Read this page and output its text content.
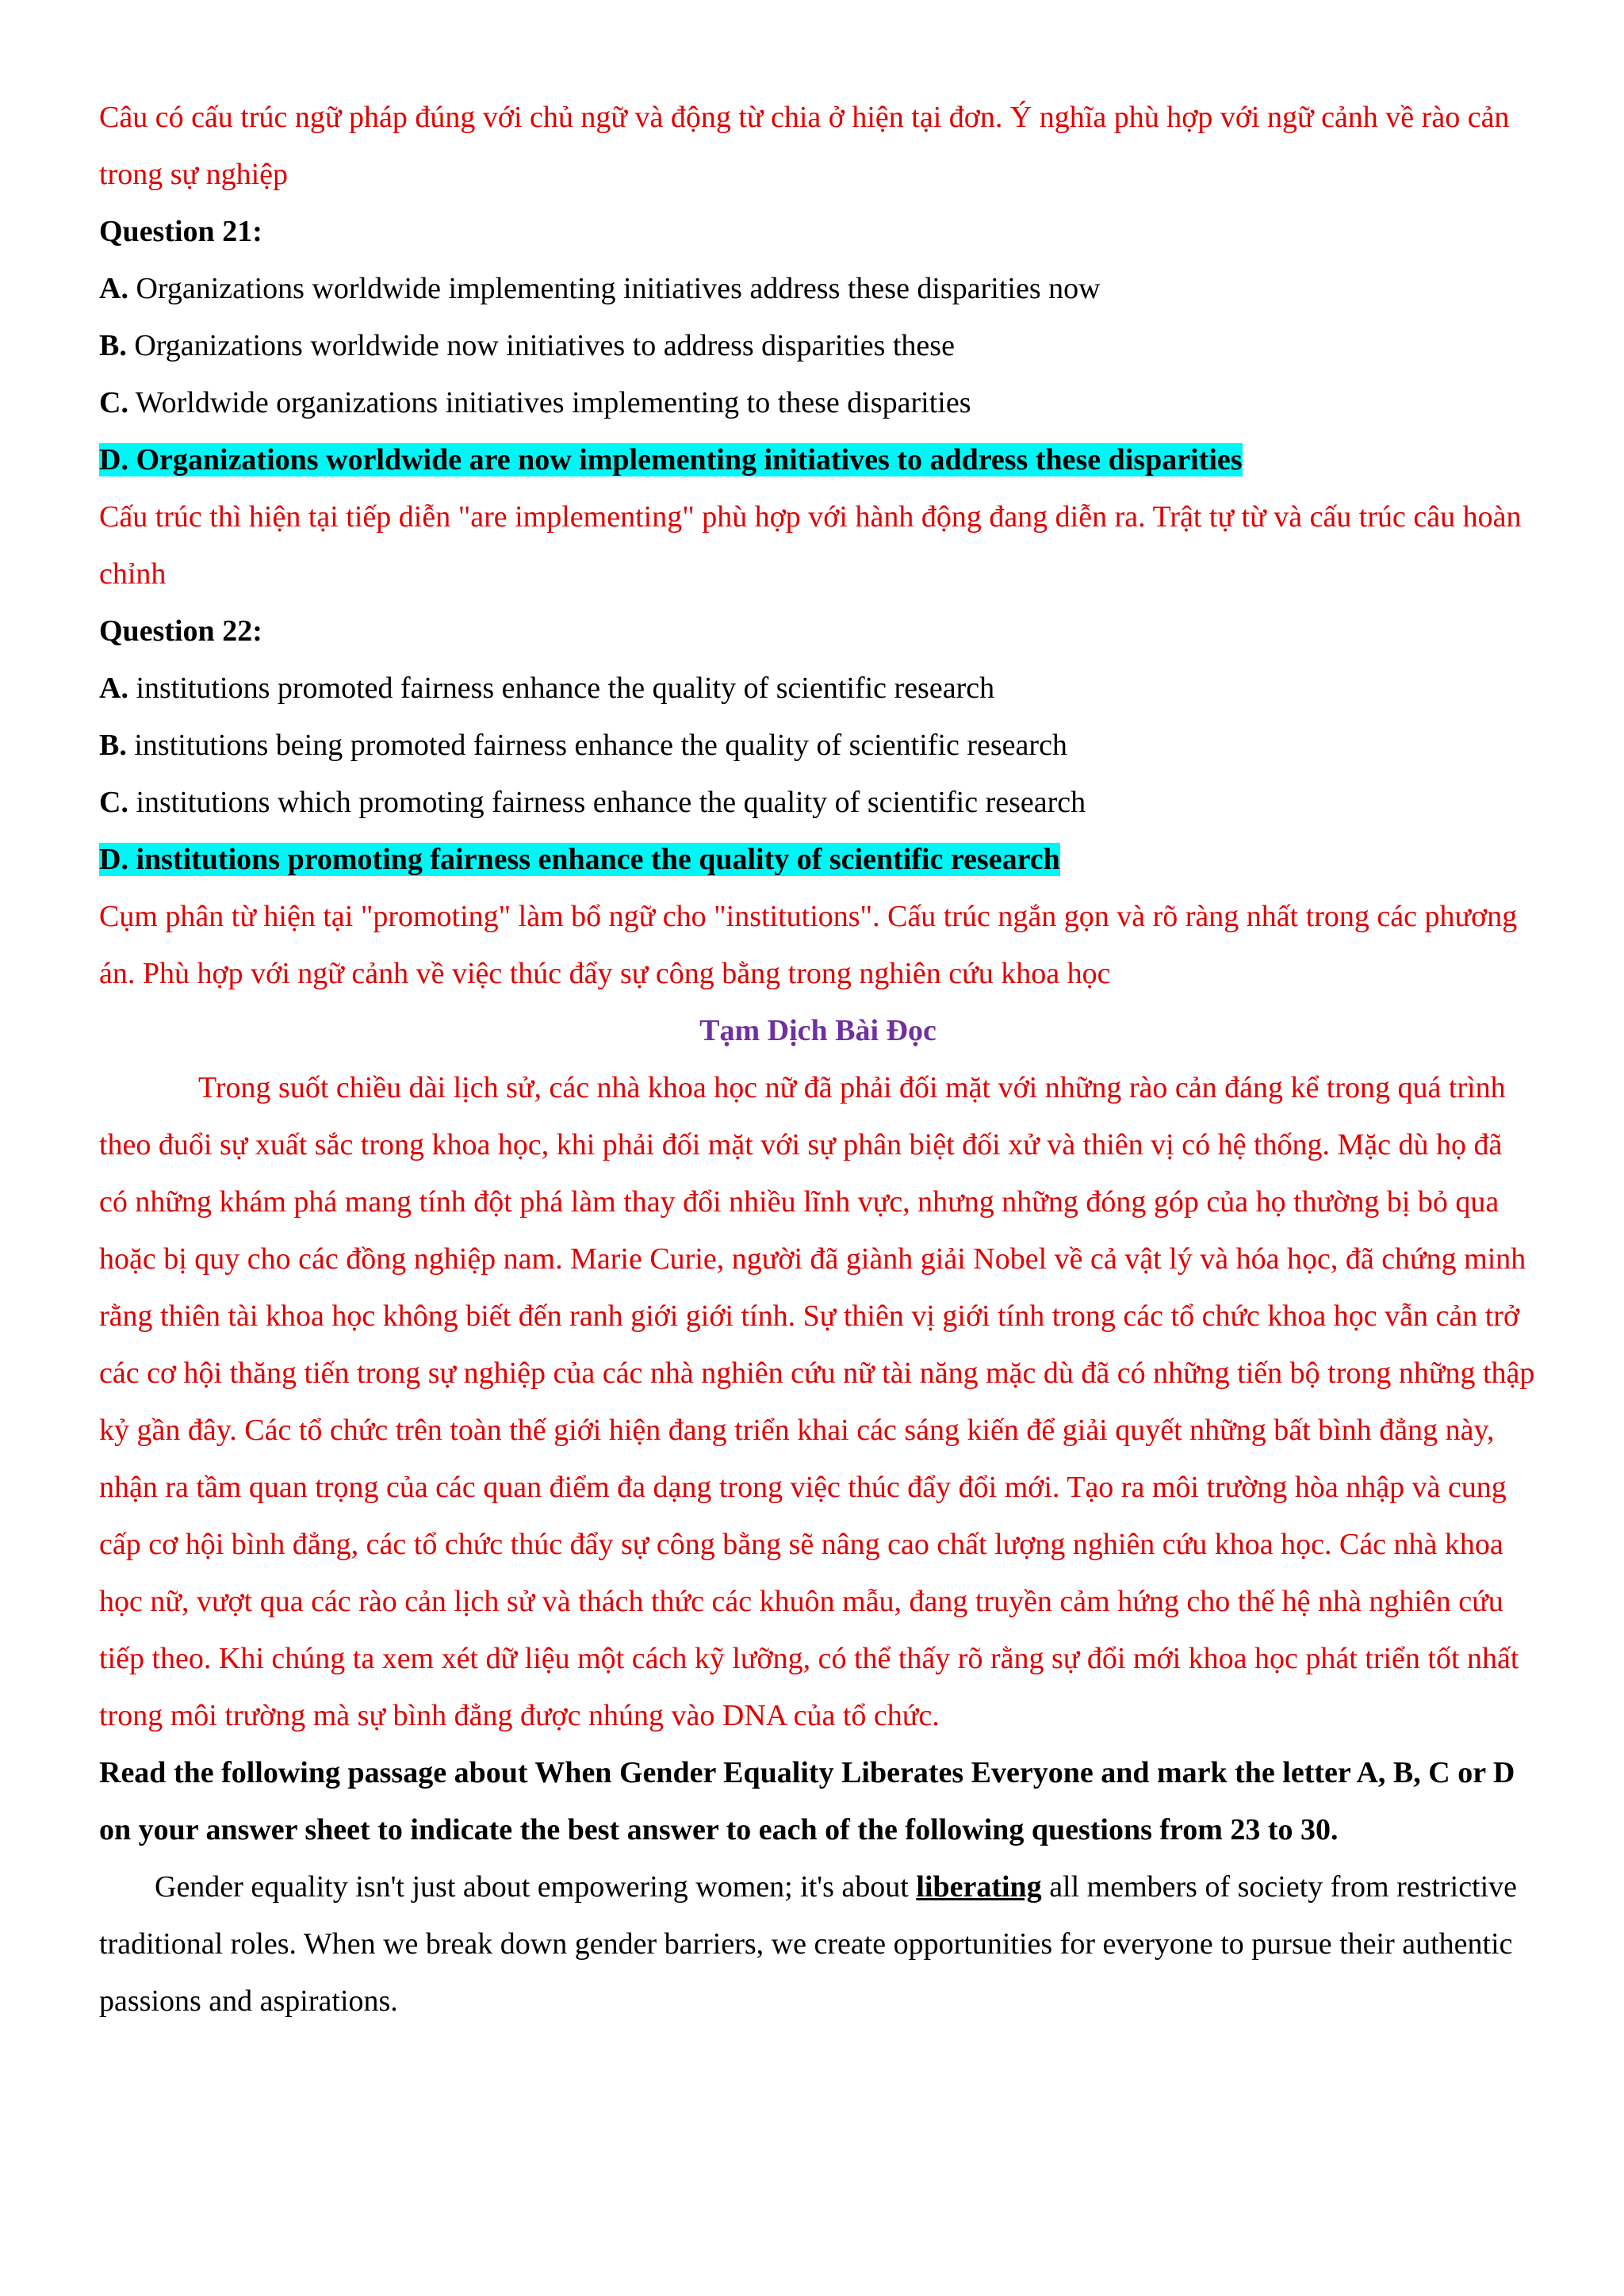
Câu có cấu trúc ngữ pháp đúng với chủ ngữ và động từ chia ở hiện tại đơn. Ý nghĩa phù hợp với ngữ cảnh về rào cản trong sự nghiệp

Question 21:

A. Organizations worldwide implementing initiatives address these disparities now

B. Organizations worldwide now initiatives to address disparities these

C. Worldwide organizations initiatives implementing to these disparities

D. Organizations worldwide are now implementing initiatives to address these disparities

Cấu trúc thì hiện tại tiếp diễn "are implementing" phù hợp với hành động đang diễn ra. Trật tự từ và cấu trúc câu hoàn chỉnh

Question 22:

A. institutions promoted fairness enhance the quality of scientific research

B. institutions being promoted fairness enhance the quality of scientific research

C. institutions which promoting fairness enhance the quality of scientific research

D. institutions promoting fairness enhance the quality of scientific research

Cụm phân từ hiện tại "promoting" làm bổ ngữ cho "institutions". Cấu trúc ngắn gọn và rõ ràng nhất trong các phương án. Phù hợp với ngữ cảnh về việc thúc đẩy sự công bằng trong nghiên cứu khoa học

Tạm Dịch Bài Đọc

Trong suốt chiều dài lịch sử, các nhà khoa học nữ đã phải đối mặt với những rào cản đáng kể trong quá trình theo đuổi sự xuất sắc trong khoa học, khi phải đối mặt với sự phân biệt đối xử và thiên vị có hệ thống. Mặc dù họ đã có những khám phá mang tính đột phá làm thay đổi nhiều lĩnh vực, nhưng những đóng góp của họ thường bị bỏ qua hoặc bị quy cho các đồng nghiệp nam. Marie Curie, người đã giành giải Nobel về cả vật lý và hóa học, đã chứng minh rằng thiên tài khoa học không biết đến ranh giới giới tính. Sự thiên vị giới tính trong các tổ chức khoa học vẫn cản trở các cơ hội thăng tiến trong sự nghiệp của các nhà nghiên cứu nữ tài năng mặc dù đã có những tiến bộ trong những thập kỷ gần đây. Các tổ chức trên toàn thế giới hiện đang triển khai các sáng kiến để giải quyết những bất bình đẳng này, nhận ra tầm quan trọng của các quan điểm đa dạng trong việc thúc đẩy đổi mới. Tạo ra môi trường hòa nhập và cung cấp cơ hội bình đẳng, các tổ chức thúc đẩy sự công bằng sẽ nâng cao chất lượng nghiên cứu khoa học. Các nhà khoa học nữ, vượt qua các rào cản lịch sử và thách thức các khuôn mẫu, đang truyền cảm hứng cho thế hệ nhà nghiên cứu tiếp theo. Khi chúng ta xem xét dữ liệu một cách kỹ lưỡng, có thể thấy rõ rằng sự đổi mới khoa học phát triển tốt nhất trong môi trường mà sự bình đẳng được nhúng vào DNA của tổ chức.

Read the following passage about When Gender Equality Liberates Everyone and mark the letter A, B, C or D on your answer sheet to indicate the best answer to each of the following questions from 23 to 30.

Gender equality isn't just about empowering women; it's about liberating all members of society from restrictive traditional roles. When we break down gender barriers, we create opportunities for everyone to pursue their authentic passions and aspirations.
